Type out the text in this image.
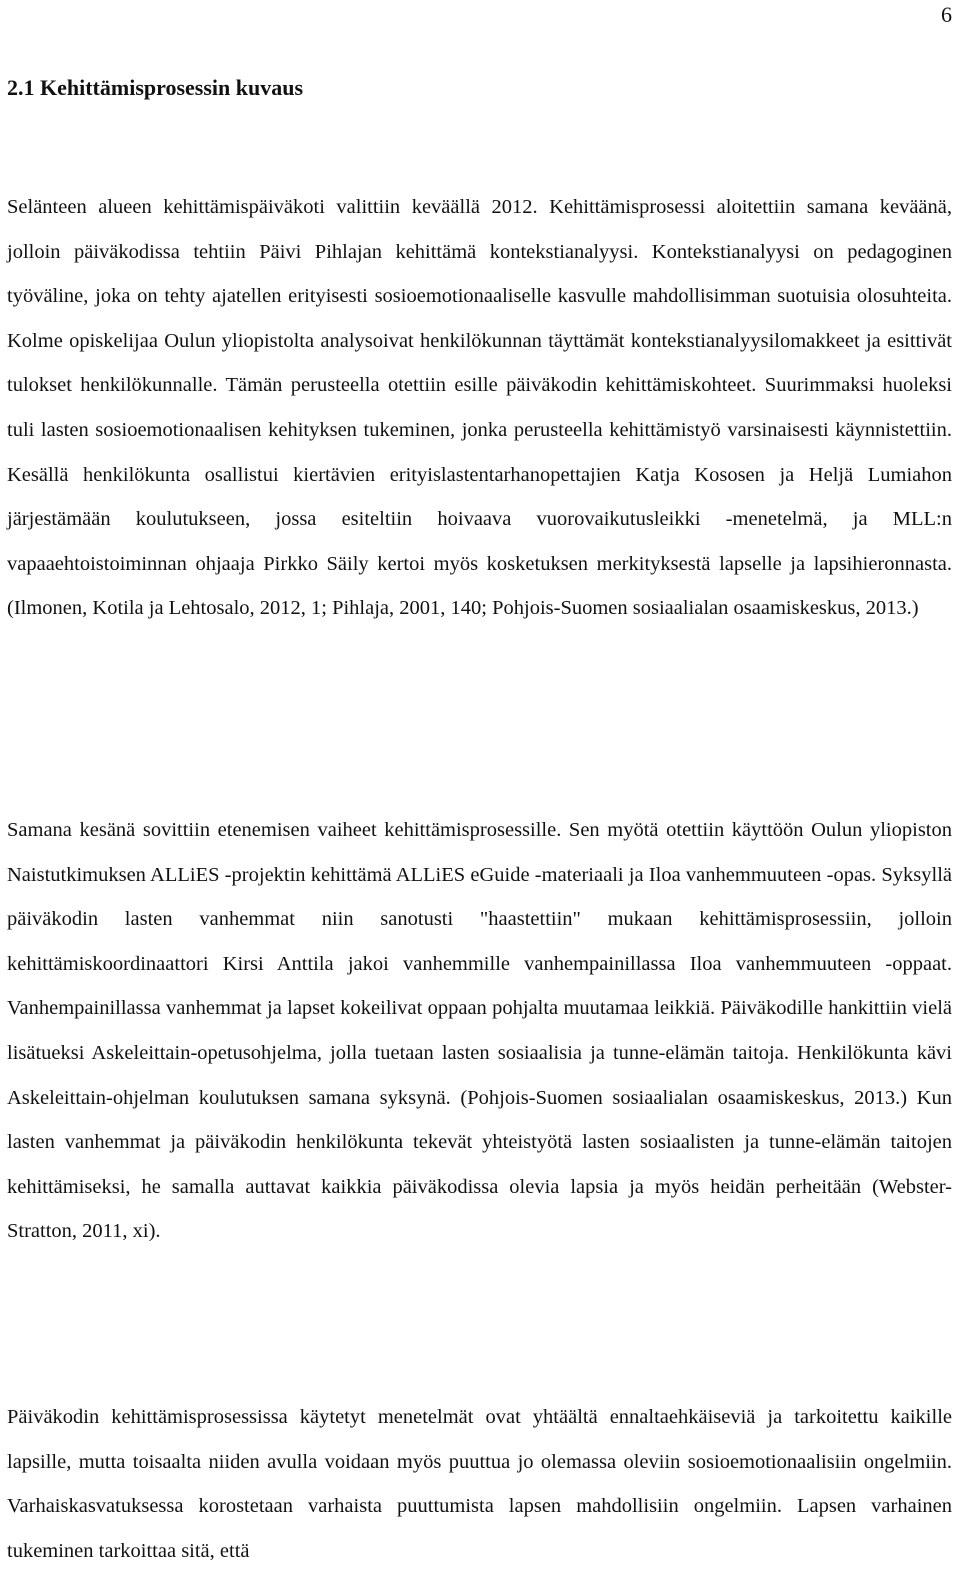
6
2.1 Kehittämisprosessin kuvaus

Selänteen alueen kehittämispäiväkoti valittiin keväällä 2012. Kehittämisprosessi aloitettiin samana keväänä, jolloin päiväkodissa tehtiin Päivi Pihlajan kehittämä kontekstianalyysi. Kontekstianalyysi on pedagoginen työväline, joka on tehty ajatellen erityisesti sosioemotionaaliselle kasvulle mahdollisimman suotuisia olosuhteita. Kolme opiskelijaa Oulun yliopistolta analysoivat henkilökunnan täyttämät kontekstianalyysilomakkeet ja esittivät tulokset henkilökunnalle. Tämän perusteella otettiin esille päiväkodin kehittämiskohteet. Suurimmaksi huoleksi tuli lasten sosioemotionaalisen kehityksen tukeminen, jonka perusteella kehittämistyö varsinaisesti käynnistettiin. Kesällä henkilökunta osallistui kiertävien erityislastentarhanopettajien Katja Kososen ja Heljä Lumiahon järjestämään koulutukseen, jossa esiteltiin hoivaava vuorovaikutusleikki -menetelmä, ja MLL:n vapaaehtoistoiminnan ohjaaja Pirkko Säily kertoi myös kosketuksen merkityksestä lapselle ja lapsihieronnasta. (Ilmonen, Kotila ja Lehtosalo, 2012, 1; Pihlaja, 2001, 140; Pohjois-Suomen sosiaalialan osaamiskeskus, 2013.)

Samana kesänä sovittiin etenemisen vaiheet kehittämisprosessille. Sen myötä otettiin käyttöön Oulun yliopiston Naistutkimuksen ALLiES -projektin kehittämä ALLiES eGuide -materiaali ja Iloa vanhemmuuteen -opas. Syksyllä päiväkodin lasten vanhemmat niin sanotusti "haastettiin" mukaan kehittämisprosessiin, jolloin kehittämiskoordinaattori Kirsi Anttila jakoi vanhemmille vanhempainillassa Iloa vanhemmuuteen -oppaat. Vanhempainillassa vanhemmat ja lapset kokeilivat oppaan pohjalta muutamaa leikkiä. Päiväkodille hankittiin vielä lisätueksi Askeleittain-opetusohjelma, jolla tuetaan lasten sosiaalisia ja tunne-elämän taitoja. Henkilökunta kävi Askeleittain-ohjelman koulutuksen samana syksynä. (Pohjois-Suomen sosiaalialan osaamiskeskus, 2013.) Kun lasten vanhemmat ja päiväkodin henkilökunta tekevät yhteistyötä lasten sosiaalisten ja tunne-elämän taitojen kehittämiseksi, he samalla auttavat kaikkia päiväkodissa olevia lapsia ja myös heidän perheitään (Webster-Stratton, 2011, xi).

Päiväkodin kehittämisprosessissa käytetyt menetelmät ovat yhtäältä ennaltaehkäiseviä ja tarkoitettu kaikille lapsille, mutta toisaalta niiden avulla voidaan myös puuttua jo olemassa oleviin sosioemotionaalisiin ongelmiin. Varhaiskasvatuksessa korostetaan varhaista puuttumista lapsen mahdollisiin ongelmiin. Lapsen varhainen tukeminen tarkoittaa sitä, että
